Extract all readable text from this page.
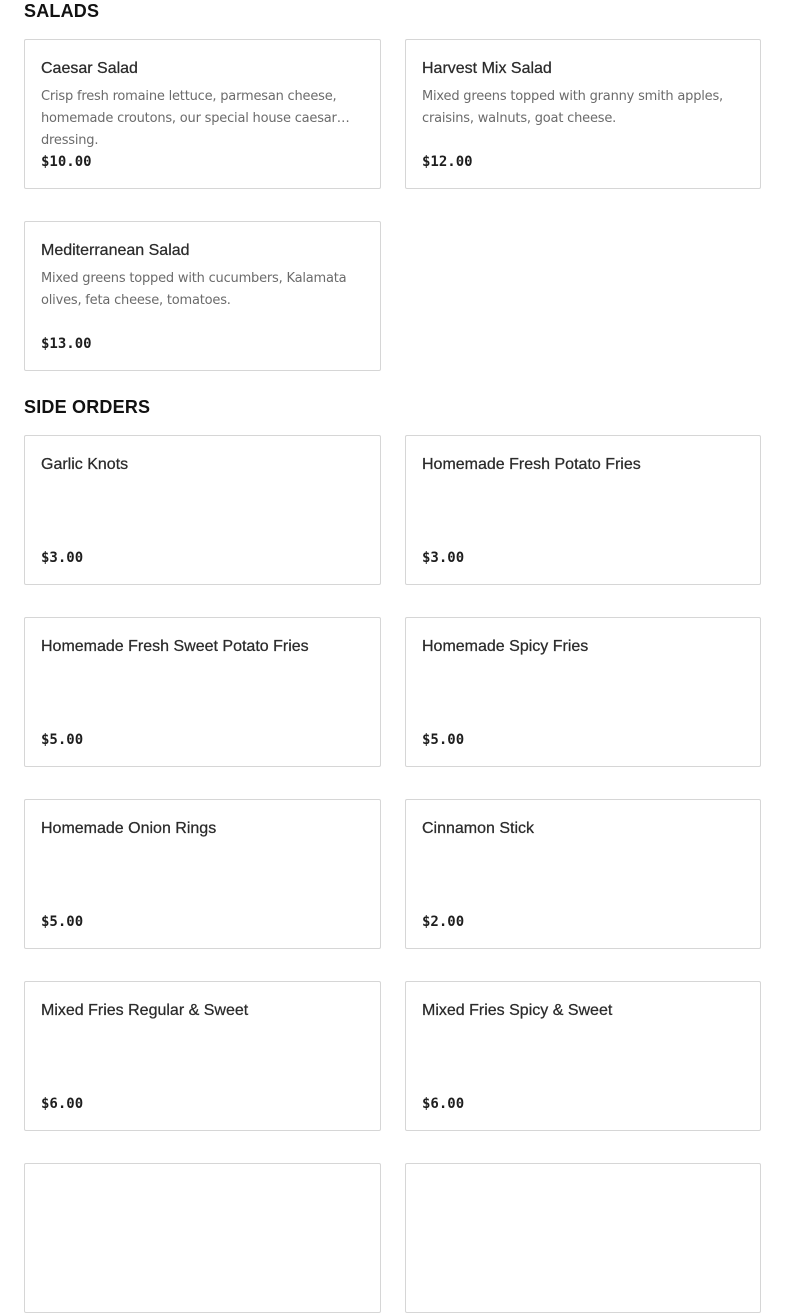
SALADS
Caesar Salad
Crisp fresh romaine lettuce, parmesan cheese, homemade croutons, our special house caesar dressing.
$10.00
Harvest Mix Salad
Mixed greens topped with granny smith apples, craisins, walnuts, goat cheese.
$12.00
Mediterranean Salad
Mixed greens topped with cucumbers, Kalamata olives, feta cheese, tomatoes.
$13.00
SIDE ORDERS
Garlic Knots
$3.00
Homemade Fresh Potato Fries
$3.00
Homemade Fresh Sweet Potato Fries
$5.00
Homemade Spicy Fries
$5.00
Homemade Onion Rings
$5.00
Cinnamon Stick
$2.00
Mixed Fries Regular & Sweet
$6.00
Mixed Fries Spicy & Sweet
$6.00
